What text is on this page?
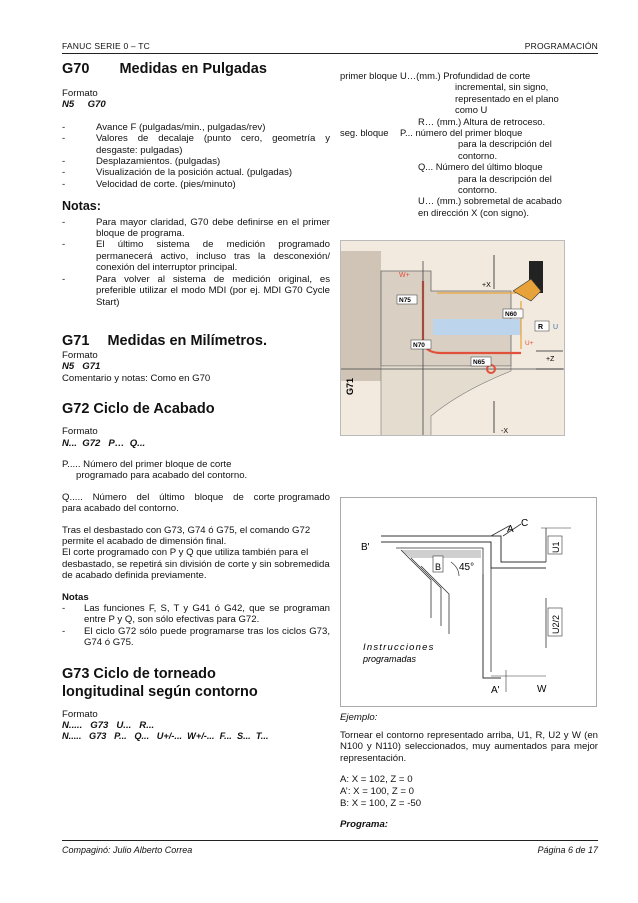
FANUC SERIE 0 – TC	PROGRAMACIÓN
G70 Medidas en Pulgadas
Formato
N5     G70
- Avance F (pulgadas/min., pulgadas/rev)
- Valores de decalaje (punto cero, geometría y desgaste: pulgadas)
- Desplazamientos. (pulgadas)
- Visualización de la posición actual. (pulgadas)
- Velocidad de corte. (pies/minuto)
Notas:
- Para mayor claridad, G70 debe definirse en el primer bloque de programa.
- El último sistema de medición programado permanecerá activo, incluso tras la desconexión/ conexión del interruptor principal.
- Para volver al sistema de medición original, es preferible utilizar el modo MDI (por ej. MDI G70 Cycle Start)
G71 Medidas en Milímetros.
Formato
N5   G71
Comentario y notas: Como en G70
G72 Ciclo de Acabado
Formato
N...  G72   P…  Q...
P..... Número del primer bloque de corte
programado para acabado del contorno.
Q.....   Número   del   último   bloque   de   corte programado para acabado del contorno.
Tras el desbastado con G73, G74 ó G75, el comando G72 permite el acabado de dimensión final.
El corte programado con P y Q que utiliza también para el desbastado, se repetirá sin división de corte y sin sobremedida de acabado definida previamente.
Notas
- Las funciones F, S, T y G41 ó G42, que se programan entre P y Q, son sólo efectivas para G72.
- El ciclo G72 sólo puede programarse tras los ciclos G73, G74 ó G75.
G73 Ciclo de torneado
longitudinal según contorno
Formato
N.....   G73   U...   R...
N.....   G73   P...   Q...   U+/-...  W+/-...  F...  S...  T...
primer bloque U…(mm.) Profundidad de corte
incremental, sin signo,
representado en el plano
como U
R… (mm.) Altura de retroceso.
seg. bloque P... número del primer bloque
para la descripción del
contorno.
Q... Número del último bloque
para la descripción del
contorno.
U… (mm.) sobremetal de acabado
en dirección X (con signo).
W+
+X
N75
N60
N70
N65	+Z
-X
R U
U+
G71
A
C
B'
B 45°
U1
U2/2
A'	W
Instrucciones
programadas
Ejemplo:
Tornear el contorno representado arriba, U1, R, U2 y W (en N100 y N110) seleccionados, muy aumentados para mejor representación.
A: X = 102, Z = 0
A’: X = 100, Z = 0
B: X = 100, Z = -50
Programa:
Compaginó: Julio Alberto Correa	Página 6 de 17
